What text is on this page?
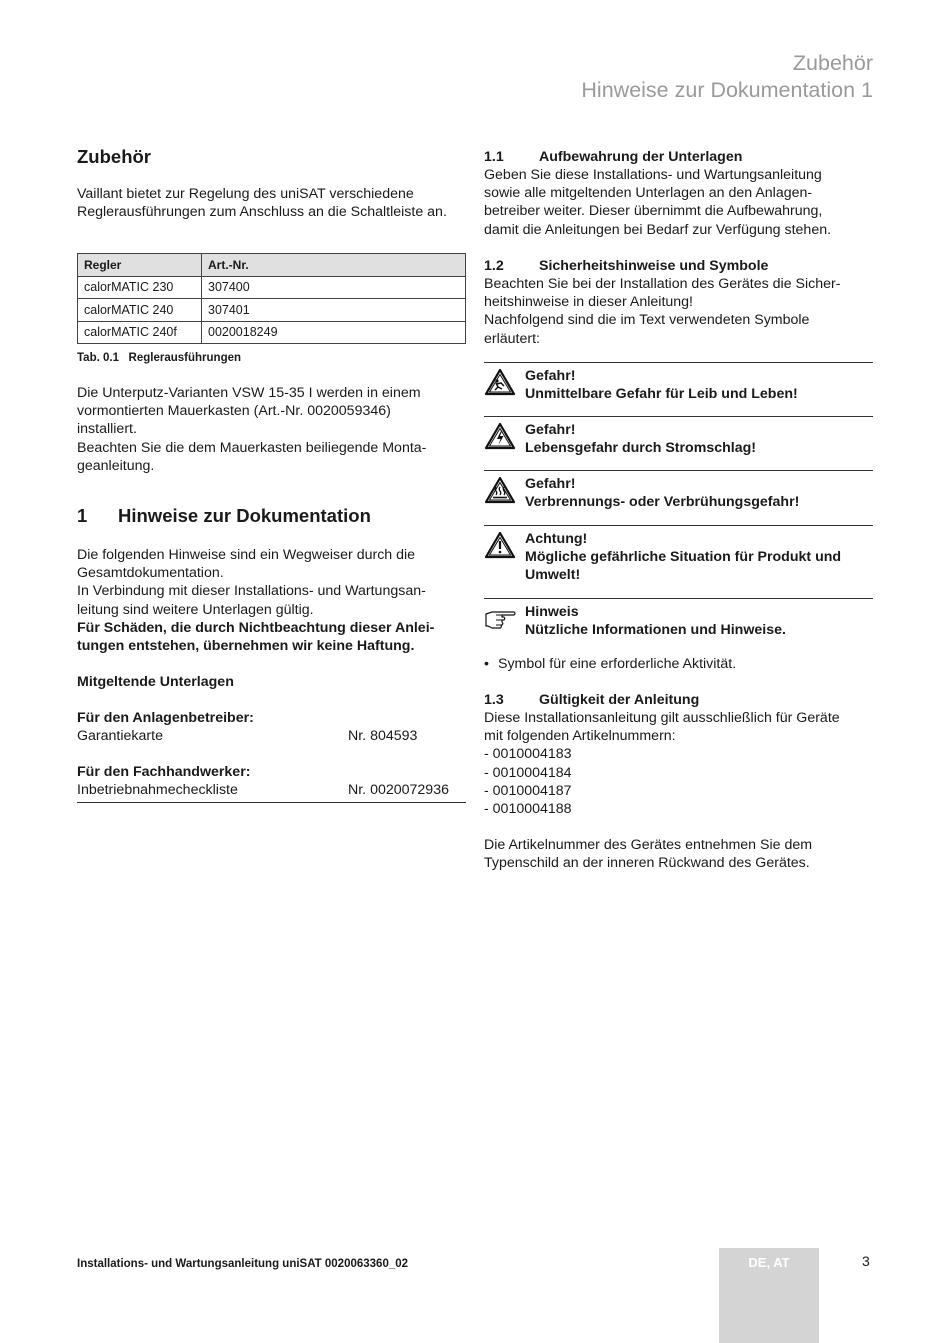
Zubehör
Hinweise zur Dokumentation 1
Zubehör
Vaillant bietet zur Regelung des uniSAT verschiedene Reglerausführungen zum Anschluss an die Schaltleiste an.
Regler	Art.-Nr.
calorMATIC 230	307400
calorMATIC 240	307401
calorMATIC 240f	0020018249
Tab. 0.1   Reglerausführungen
Die Unterputz-Varianten VSW 15-35 I werden in einem
vormontierten Mauerkasten (Art.-Nr. 0020059346)
installiert.
Beachten Sie die dem Mauerkasten beiliegende Monta-
geanleitung.
1	Hinweise zur Dokumentation
Die folgenden Hinweise sind ein Wegweiser durch die
Gesamtdokumentation.
In Verbindung mit dieser Installations- und Wartungsan-
leitung sind weitere Unterlagen gültig.
Für Schäden, die durch Nichtbeachtung dieser Anlei-
tungen entstehen, übernehmen wir keine Haftung.
Mitgeltende Unterlagen
Für den Anlagenbetreiber:
Garantiekarte	Nr. 804593
Für den Fachhandwerker:
Inbetriebnahmecheckliste	Nr. 0020072936
1.1	Aufbewahrung der Unterlagen
Geben Sie diese Installations- und Wartungsanleitung
sowie alle mitgeltenden Unterlagen an den Anlagen-
betreiber weiter. Dieser übernimmt die Aufbewahrung,
damit die Anleitungen bei Bedarf zur Verfügung stehen.
1.2	Sicherheitshinweise und Symbole
Beachten Sie bei der Installation des Gerätes die Sicher-
heitshinweise in dieser Anleitung!
Nachfolgend sind die im Text verwendeten Symbole
erläutert:
Gefahr!
Unmittelbare Gefahr für Leib und Leben!
Gefahr!
Lebensgefahr durch Stromschlag!
Gefahr!
Verbrennungs- oder Verbrühungsgefahr!
Achtung!
Mögliche gefährliche Situation für Produkt und
Umwelt!
Hinweis
Nützliche Informationen und Hinweise.
• Symbol für eine erforderliche Aktivität.
1.3	Gültigkeit der Anleitung
Diese Installationsanleitung gilt ausschließlich für Geräte
mit folgenden Artikelnummern:
- 0010004183
- 0010004184
- 0010004187
- 0010004188
Die Artikelnummer des Gerätes entnehmen Sie dem
Typenschild an der inneren Rückwand des Gerätes.
Installations- und Wartungsanleitung uniSAT 0020063360_02	DE, AT	3
